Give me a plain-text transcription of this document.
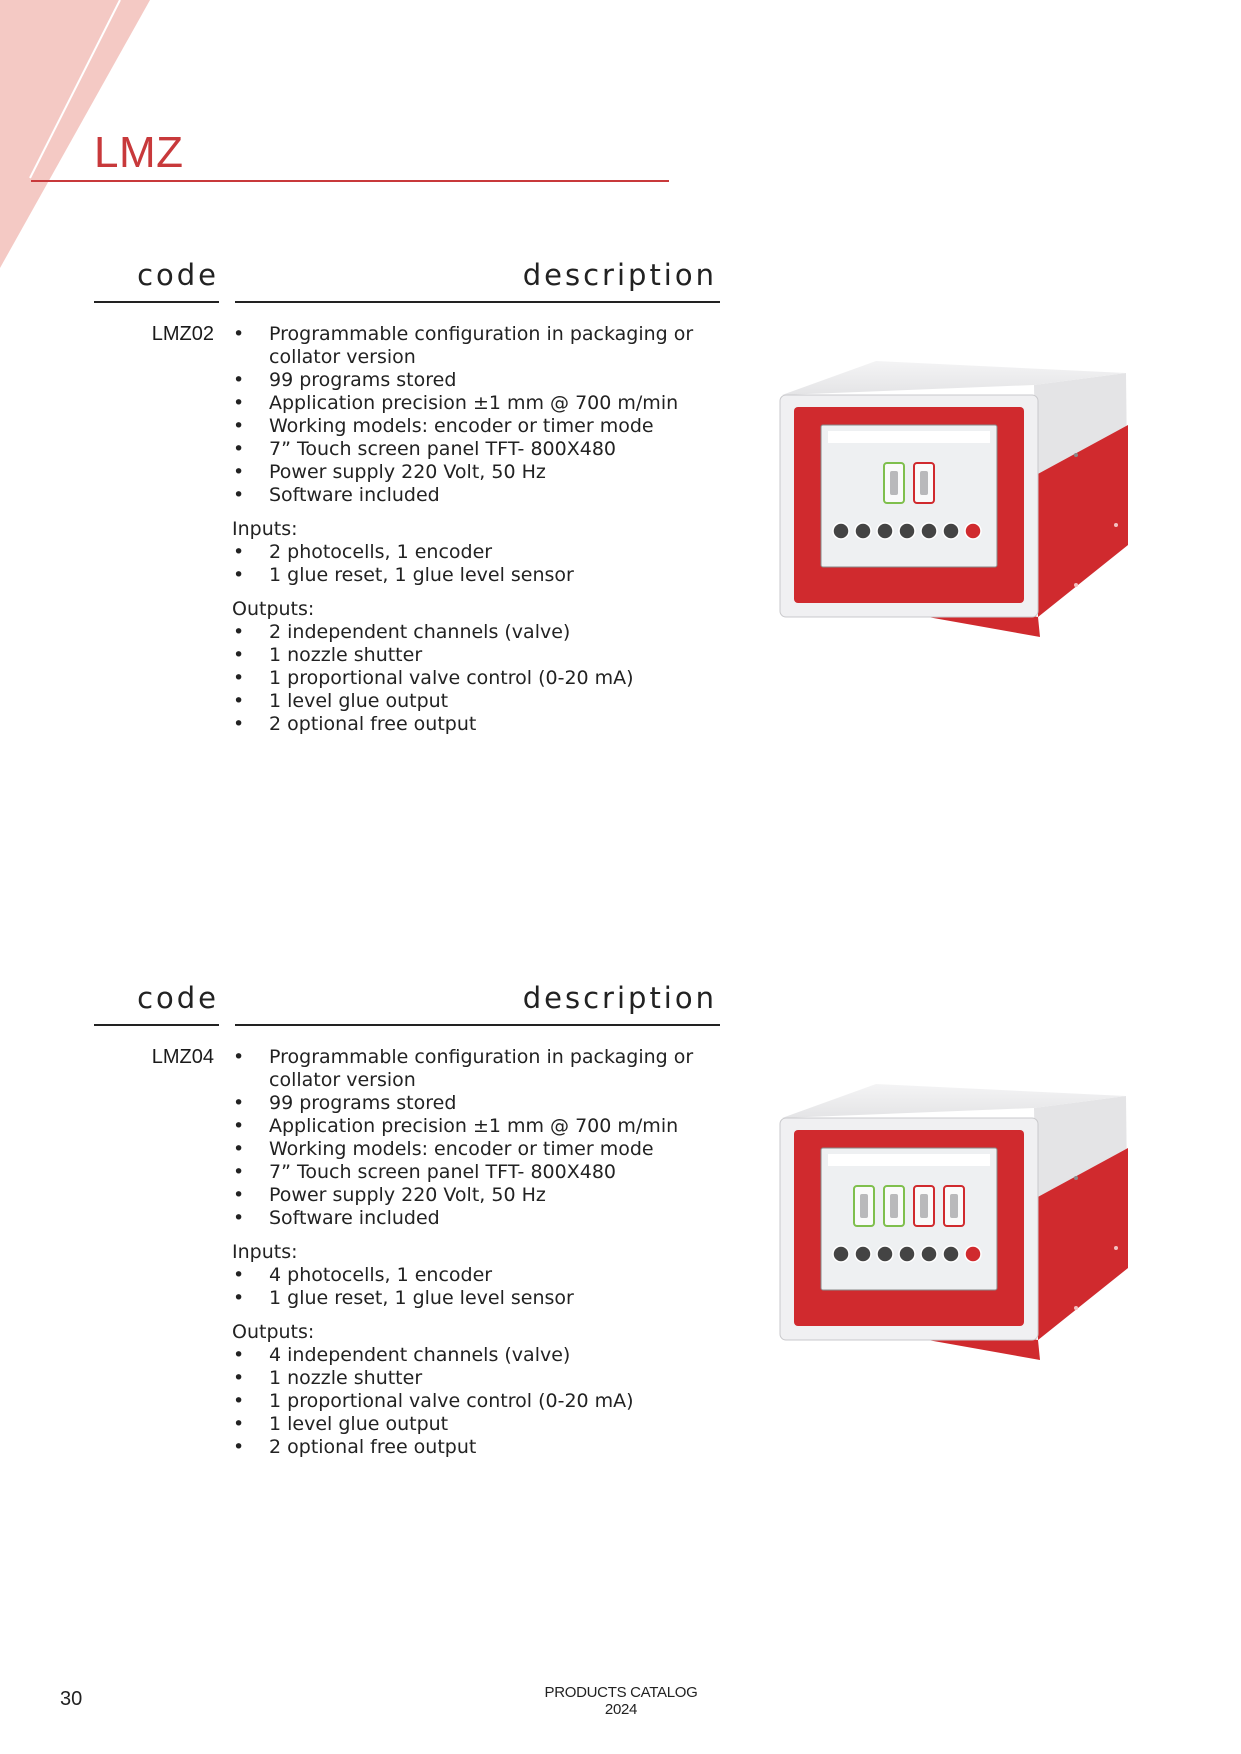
LMZ
code	description
LMZ02	• Programmable configuration in packaging or collator version
• 99 programs stored
• Application precision ±1 mm @ 700 m/min
• Working models: encoder or timer mode
• 7” Touch screen panel TFT- 800X480
• Power supply 220 Volt, 50 Hz
• Software included
Inputs:
• 2 photocells, 1 encoder
• 1 glue reset, 1 glue level sensor
Outputs:
• 2 independent channels (valve)
• 1 nozzle shutter
• 1 proportional valve control (0-20 mA)
• 1 level glue output
• 2 optional free output
code	description
LMZ04	• Programmable configuration in packaging or collator version
• 99 programs stored
• Application precision ±1 mm @ 700 m/min
• Working models: encoder or timer mode
• 7” Touch screen panel TFT- 800X480
• Power supply 220 Volt, 50 Hz
• Software included
Inputs:
• 4 photocells, 1 encoder
• 1 glue reset, 1 glue level sensor
Outputs:
• 4 independent channels (valve)
• 1 nozzle shutter
• 1 proportional valve control (0-20 mA)
• 1 level glue output
• 2 optional free output
30	PRODUCTS CATALOG 2024
